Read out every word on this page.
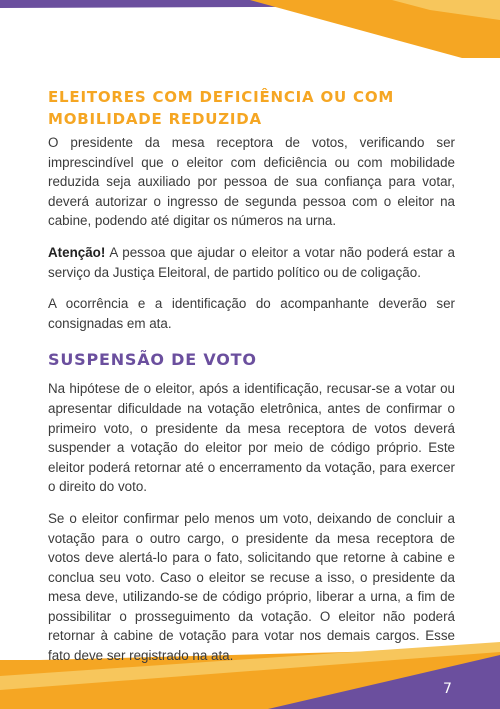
ELEITORES COM DEFICIÊNCIA OU COM
MOBILIDADE REDUZIDA

O presidente da mesa receptora de votos, verificando ser imprescindível que o eleitor com deficiência ou com mobilidade reduzida seja auxiliado por pessoa de sua confiança para votar, deverá autorizar o ingresso de segunda pessoa com o eleitor na cabine, podendo até digitar os números na urna.

Atenção! A pessoa que ajudar o eleitor a votar não poderá estar a serviço da Justiça Eleitoral, de partido político ou de coligação.

A ocorrência e a identificação do acompanhante deverão ser consignadas em ata.

SUSPENSÃO DE VOTO

Na hipótese de o eleitor, após a identificação, recusar-se a votar ou apresentar dificuldade na votação eletrônica, antes de confirmar o primeiro voto, o presidente da mesa receptora de votos deverá suspender a votação do eleitor por meio de código próprio. Este eleitor poderá retornar até o encerramento da votação, para exercer o direito do voto.

Se o eleitor confirmar pelo menos um voto, deixando de concluir a votação para o outro cargo, o presidente da mesa receptora de votos deve alertá-lo para o fato, solicitando que retorne à cabine e conclua seu voto. Caso o eleitor se recuse a isso, o presidente da mesa deve, utilizando-se de código próprio, liberar a urna, a fim de possibilitar o prosseguimento da votação. O eleitor não poderá retornar à cabine de votação para votar nos demais cargos. Esse fato deve ser registrado na ata.

7
